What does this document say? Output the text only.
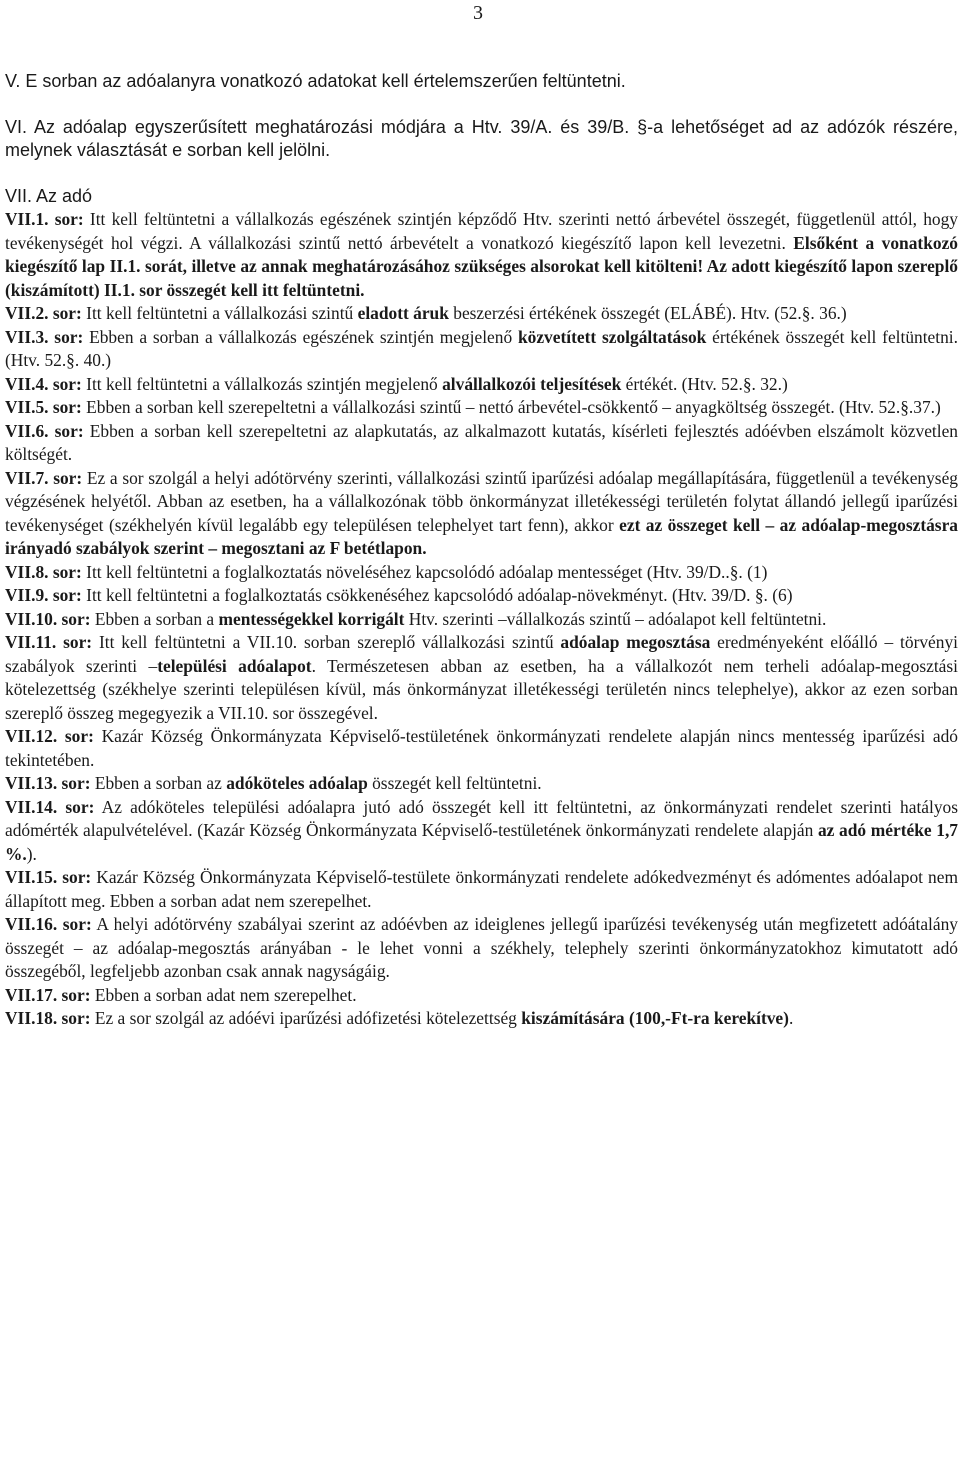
3

V. E sorban az adóalanyra vonatkozó adatokat kell értelemszerűen feltüntetni.

VI. Az adóalap egyszerűsített meghatározási módjára a Htv. 39/A. és 39/B. §-a lehetőséget ad az adózók részére, melynek választását e sorban kell jelölni.

VII. Az adó

VII.1. sor: Itt kell feltüntetni a vállalkozás egészének szintjén képződő Htv. szerinti nettó árbevétel összegét, függetlenül attól, hogy tevékenységét hol végzi. A vállalkozási szintű nettó árbevételt a vonatkozó kiegészítő lapon kell levezetni. Elsőként a vonatkozó kiegészítő lap II.1. sorát, illetve az annak meghatározásához szükséges alsorokat kell kitölteni! Az adott kiegészítő lapon szereplő (kiszámított) II.1. sor összegét kell itt feltüntetni.

VII.2. sor: Itt kell feltüntetni a vállalkozási szintű eladott áruk beszerzési értékének összegét (ELÁBÉ). Htv. (52.§. 36.)

VII.3. sor: Ebben a sorban a vállalkozás egészének szintjén megjelenő közvetített szolgáltatások értékének összegét kell feltüntetni. (Htv. 52.§. 40.)

VII.4. sor: Itt kell feltüntetni a vállalkozás szintjén megjelenő alvállalkozói teljesítések értékét. (Htv. 52.§. 32.)

VII.5. sor: Ebben a sorban kell szerepeltetni a vállalkozási szintű – nettó árbevétel-csökkentő – anyagköltség összegét. (Htv. 52.§.37.)

VII.6. sor: Ebben a sorban kell szerepeltetni az alapkutatás, az alkalmazott kutatás, kísérleti fejlesztés adóévben elszámolt közvetlen költségét.

VII.7. sor: Ez a sor szolgál a helyi adótörvény szerinti, vállalkozási szintű iparűzési adóalap megállapítására, függetlenül a tevékenység végzésének helyétől. Abban az esetben, ha a vállalkozónak több önkormányzat illetékességi területén folytat állandó jellegű iparűzési tevékenységet (székhelyén kívül legalább egy településen telephelyet tart fenn), akkor ezt az összeget kell – az adóalap-megosztásra irányadó szabályok szerint – megosztani az F betétlapon.

VII.8. sor: Itt kell feltüntetni a foglalkoztatás növeléséhez kapcsolódó adóalap mentességet (Htv. 39/D..§. (1)

VII.9. sor: Itt kell feltüntetni a foglalkoztatás csökkenéséhez kapcsolódó adóalap-növekményt. (Htv. 39/D. §. (6)

VII.10. sor: Ebben a sorban a mentességekkel korrigált Htv. szerinti –vállalkozás szintű – adóalapot kell feltüntetni.

VII.11. sor: Itt kell feltüntetni a VII.10. sorban szereplő vállalkozási szintű adóalap megosztása eredményeként előálló – törvényi szabályok szerinti –települési adóalapot. Természetesen abban az esetben, ha a vállalkozót nem terheli adóalap-megosztási kötelezettség (székhelye szerinti településen kívül, más önkormányzat illetékességi területén nincs telephelye), akkor az ezen sorban szereplő összeg megegyezik a VII.10. sor összegével.

VII.12. sor: Kazár Község Önkormányzata Képviselő-testületének önkormányzati rendelete alapján nincs mentesség iparűzési adó tekintetében.

VII.13. sor: Ebben a sorban az adóköteles adóalap összegét kell feltüntetni.

VII.14. sor: Az adóköteles települési adóalapra jutó adó összegét kell itt feltüntetni, az önkormányzati rendelet szerinti hatályos adómérték alapulvételével. (Kazár Község Önkormányzata Képviselő-testületének önkormányzati rendelete alapján az adó mértéke 1,7 %.).

VII.15. sor: Kazár Község Önkormányzata Képviselő-testülete önkormányzati rendelete adókedvezményt és adómentes adóalapot nem állapított meg. Ebben a sorban adat nem szerepelhet.

VII.16. sor: A helyi adótörvény szabályai szerint az adóévben az ideiglenes jellegű iparűzési tevékenység után megfizetett adóátalány összegét – az adóalap-megosztás arányában - le lehet vonni a székhely, telephely szerinti önkormányzatokhoz kimutatott adó összegéből, legfeljebb azonban csak annak nagyságáig.

VII.17. sor: Ebben a sorban adat nem szerepelhet.

VII.18. sor: Ez a sor szolgál az adóévi iparűzési adófizetési kötelezettség kiszámítására (100,-Ft-ra kerekítve).
